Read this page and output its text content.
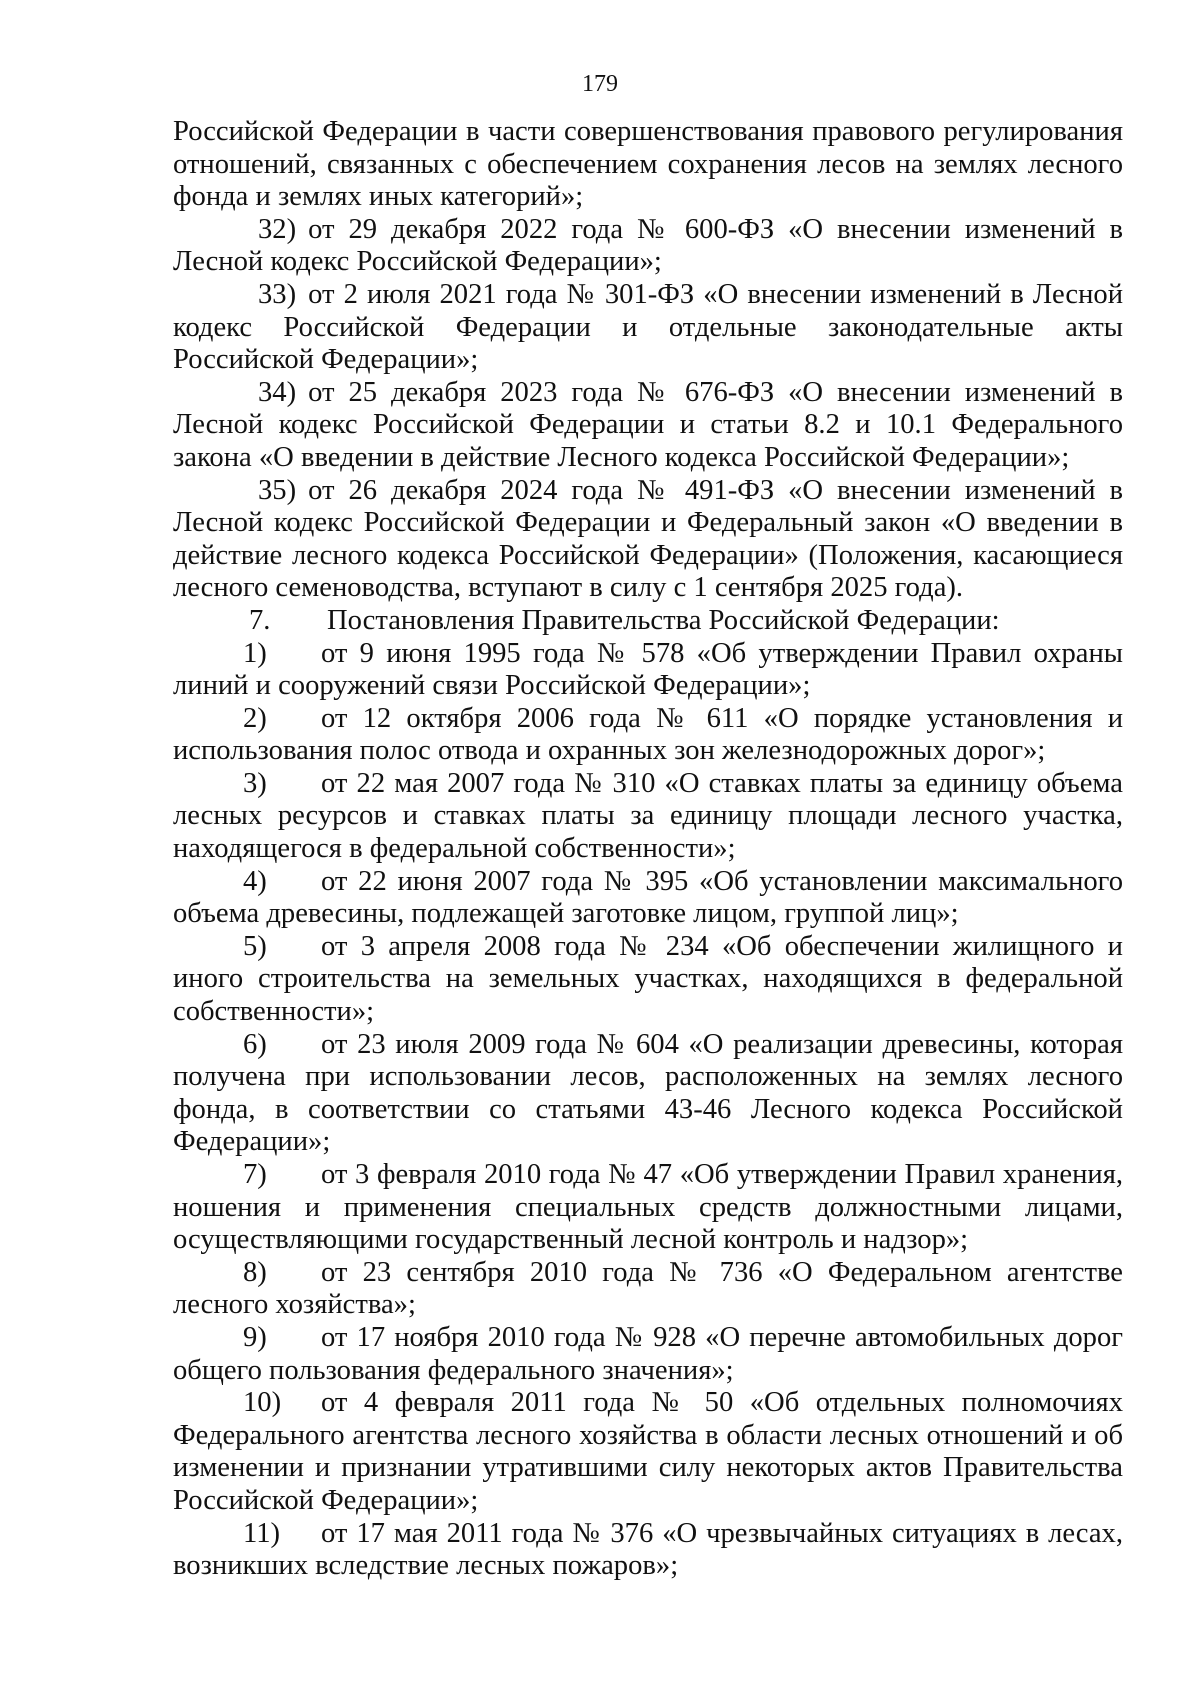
179

Российской Федерации в части совершенствования правового регулирования отношений, связанных с обеспечением сохранения лесов на землях лесного фонда и землях иных категорий»;

32) от 29 декабря 2022 года № 600-ФЗ «О внесении изменений в Лесной кодекс Российской Федерации»;

33) от 2 июля 2021 года № 301-ФЗ «О внесении изменений в Лесной кодекс Российской Федерации и отдельные законодательные акты Российской Федерации»;

34) от 25 декабря 2023 года № 676-ФЗ «О внесении изменений в Лесной кодекс Российской Федерации и статьи 8.2 и 10.1 Федерального закона «О введении в действие Лесного кодекса Российской Федерации»;

35) от 26 декабря 2024 года № 491-ФЗ «О внесении изменений в Лесной кодекс Российской Федерации и Федеральный закон «О введении в действие лесного кодекса Российской Федерации» (Положения, касающиеся лесного семеноводства, вступают в силу с 1 сентября 2025 года).

7. Постановления Правительства Российской Федерации:

1) от 9 июня 1995 года № 578 «Об утверждении Правил охраны линий и сооружений связи Российской Федерации»;

2) от 12 октября 2006 года № 611 «О порядке установления и использования полос отвода и охранных зон железнодорожных дорог»;

3) от 22 мая 2007 года № 310 «О ставках платы за единицу объема лесных ресурсов и ставках платы за единицу площади лесного участка, находящегося в федеральной собственности»;

4) от 22 июня 2007 года № 395 «Об установлении максимального объема древесины, подлежащей заготовке лицом, группой лиц»;

5) от 3 апреля 2008 года № 234 «Об обеспечении жилищного и иного строительства на земельных участках, находящихся в федеральной собственности»;

6) от 23 июля 2009 года № 604 «О реализации древесины, которая получена при использовании лесов, расположенных на землях лесного фонда, в соответствии со статьями 43-46 Лесного кодекса Российской Федерации»;

7) от 3 февраля 2010 года № 47 «Об утверждении Правил хранения, ношения и применения специальных средств должностными лицами, осуществляющими государственный лесной контроль и надзор»;

8) от 23 сентября 2010 года № 736 «О Федеральном агентстве лесного хозяйства»;

9) от 17 ноября 2010 года № 928 «О перечне автомобильных дорог общего пользования федерального значения»;

10) от 4 февраля 2011 года № 50 «Об отдельных полномочиях Федерального агентства лесного хозяйства в области лесных отношений и об изменении и признании утратившими силу некоторых актов Правительства Российской Федерации»;

11) от 17 мая 2011 года № 376 «О чрезвычайных ситуациях в лесах, возникших вследствие лесных пожаров»;
